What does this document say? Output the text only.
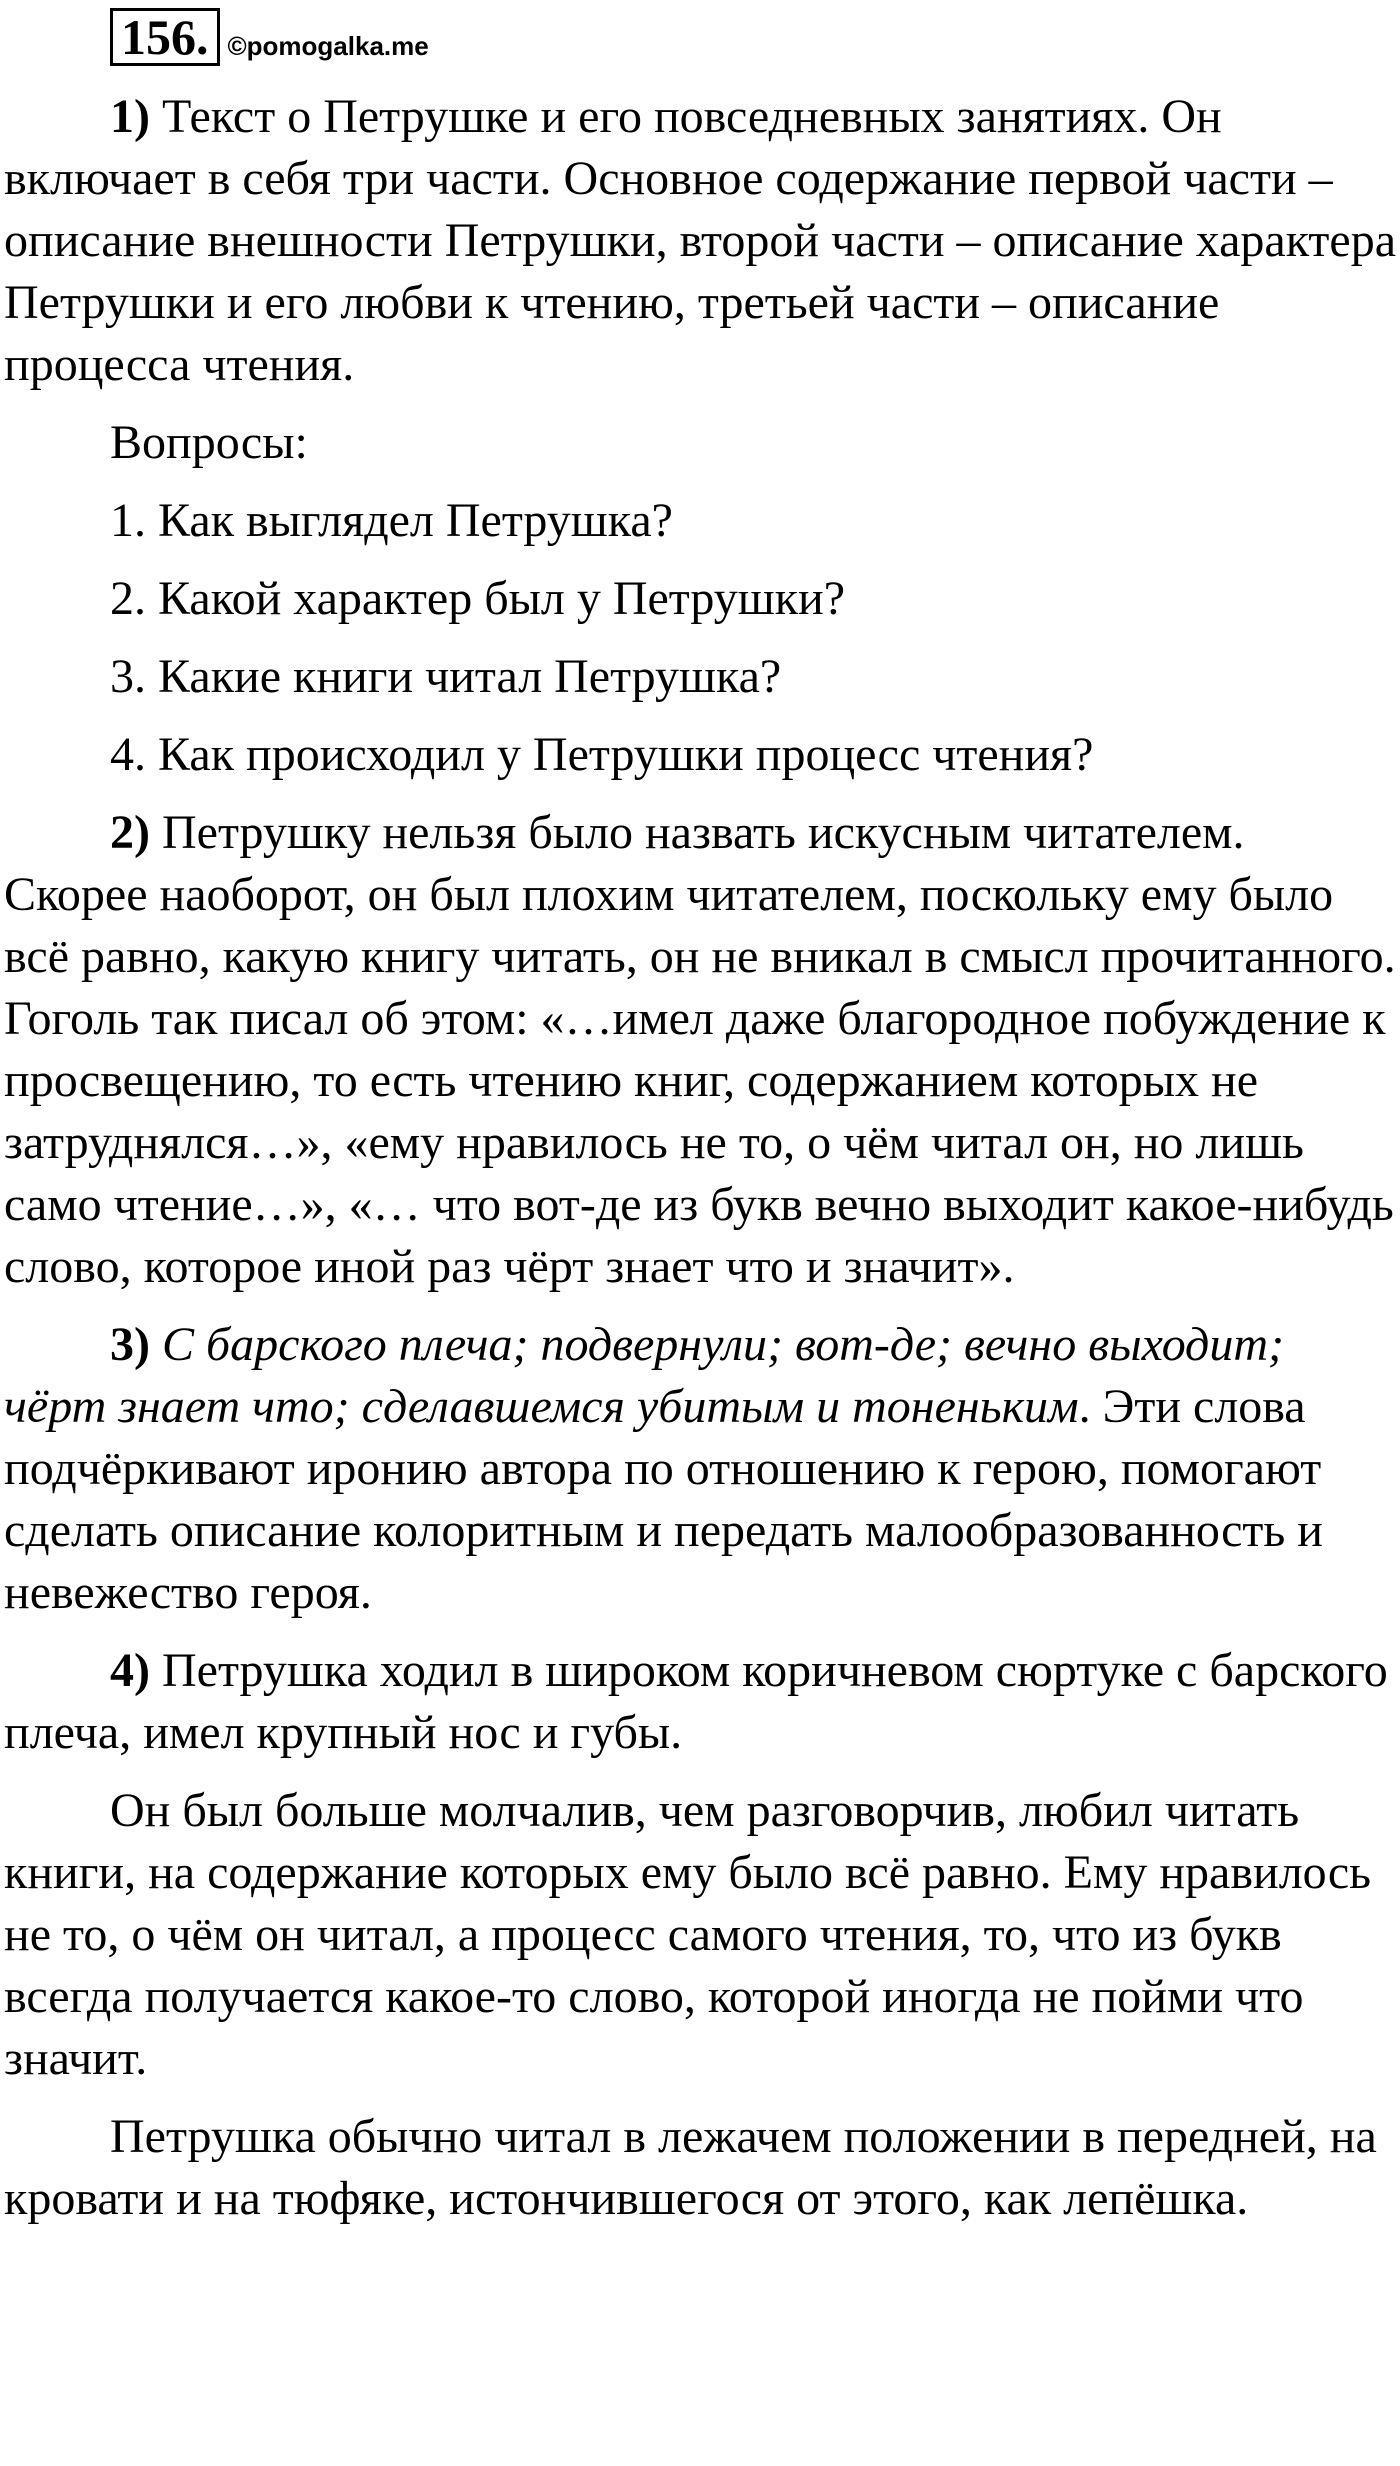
156. ©pomogalka.me

1) Текст о Петрушке и его повседневных занятиях. Он включает в себя три части. Основное содержание первой части – описание внешности Петрушки, второй части – описание характера Петрушки и его любви к чтению, третьей части – описание процесса чтения.

Вопросы:

1. Как выглядел Петрушка?

2. Какой характер был у Петрушки?

3. Какие книги читал Петрушка?

4. Как происходил у Петрушки процесс чтения?

2) Петрушку нельзя было назвать искусным читателем. Скорее наоборот, он был плохим читателем, поскольку ему было всё равно, какую книгу читать, он не вникал в смысл прочитанного. Гоголь так писал об этом: «…имел даже благородное побуждение к просвещению, то есть чтению книг, содержанием которых не затруднялся…», «ему нравилось не то, о чём читал он, но лишь само чтение…», «… что вот-де из букв вечно выходит какое-нибудь слово, которое иной раз чёрт знает что и значит».

3) С барского плеча; подвернули; вот-де; вечно выходит; чёрт знает что; сделавшемся убитым и тоненьким. Эти слова подчёркивают иронию автора по отношению к герою, помогают сделать описание колоритным и передать малообразованность и невежество героя.

4) Петрушка ходил в широком коричневом сюртуке с барского плеча, имел крупный нос и губы.

Он был больше молчалив, чем разговорчив, любил читать книги, на содержание которых ему было всё равно. Ему нравилось не то, о чём он читал, а процесс самого чтения, то, что из букв всегда получается какое-то слово, которой иногда не пойми что значит.

Петрушка обычно читал в лежачем положении в передней, на кровати и на тюфяке, истончившегося от этого, как лепёшка.
